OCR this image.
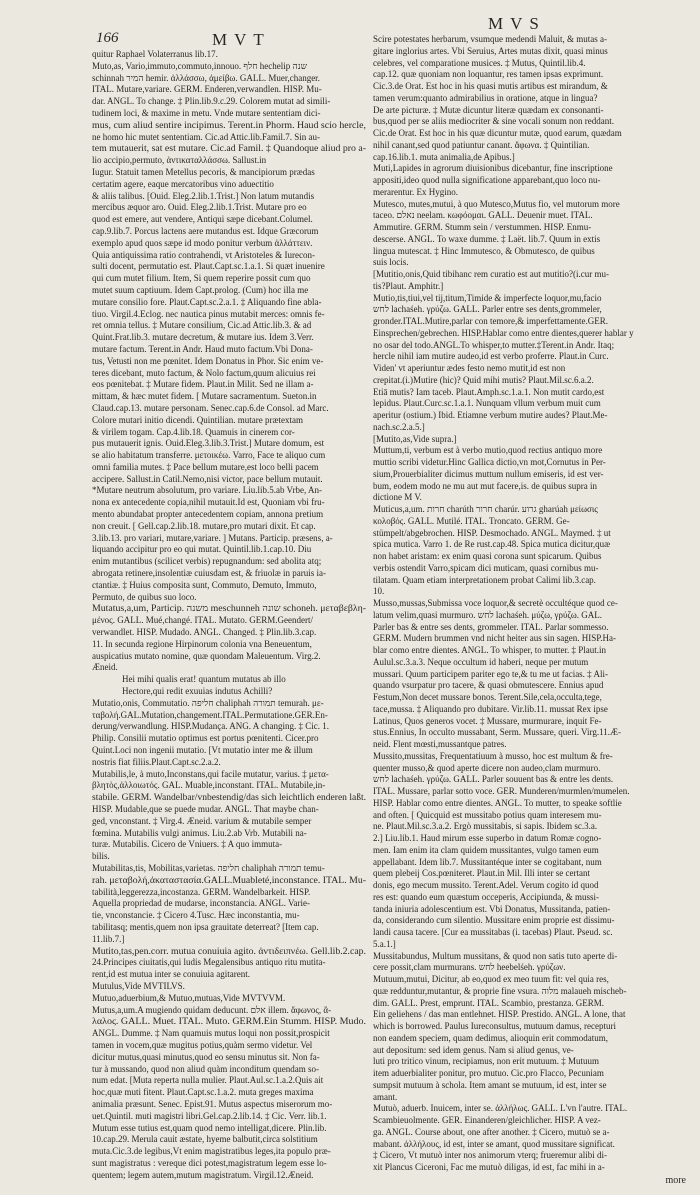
166	MVT
MVS
quitur Raphael Volaterranus lib.17.
Muto,as, Vario,immuto,commuto,innouo. חלף hechelip שנה
schinnah המיר hemir. ἀλλάσσω, ἀμείβω. GALL. Muer,changer.
ITAL. Mutare,variare. GERM. Enderen,verwandlen. HISP. Mu-
dar. ANGL. To change. ‡ Plin.lib.9.c.29. Colorem mutat ad simili-
tudinem loci, & maxime in metu. Vnde mutare sententiam dici-
mus, cum aliud sentire incipimus. Terent.in Phorm. Haud scio hercle,
ne homo hic mutet sententiam. Cic.ad Attic.lib.Famil.7. Sin au-
tem mutauerit, sat est mutare. Cic.ad Famil. ‡ Quandoque aliud pro a-
lio accipio,permuto, ἀντικαταλλάσσω. Sallust.in
Iugur. Statuit tamen Metellus pecoris, & mancipiorum prædas
certatim agere, eaque mercatoribus vino aduectitio
& aliis talibus. [Ouid. Eleg.2.lib.1.Trist.] Non latum mutandis
mercibus æquor aro. Ouid. Eleg.2.lib.1.Trist. Mutare pro eo
quod est emere, aut vendere, Antiqui sæpe dicebant.Columel.
cap.9.lib.7. Porcus lactens aere mutandus est. Idque Græcorum
exemplo apud quos sæpe id modo ponitur verbum ἀλλάττειν.
Quia antiquissima ratio contrahendi, vt Aristoteles & Iurecon-
sulti docent, permutatio est. Plaut.Capt.sc.1.a.1. Si quæt inuenire
qui cum mutet filium. Item, Si quem reperire possit cum quo
mutet suum captiuum. Idem Capt.prolog. (Cum) hoc illa me
mutare consilio fore. Plaut.Capt.sc.2.a.1. ‡ Aliquando fine abla-
tiuo. Virgil.4.Eclog. nec nautica pinus mutabit merces: omnis fe-
ret omnia tellus. ‡ Mutare consilium, Cic.ad Attic.lib.3. & ad
Quint.Frat.lib.3. mutare decretum, & mutare ius. Idem 3.Verr.
mutare factum. Terent.in Andr. Haud muto factum.Vbi Dona-
tus, Vetusti non me pœnitet. Idem Donatus in Phor. Sic enim ve-
teres dicebant, muto factum, & Nolo factum,quum alicuius rei
eos pœnitebat. ‡ Mutare fidem. Plaut.in Milit. Sed ne illam a-
mittam, & hæc mutet fidem. [ Mutare sacramentum. Sueton.in
Claud.cap.13. mutare personam. Senec.cap.6.de Consol. ad Marc.
Colore mutari initio dicendi. Quintilian. mutare prætextam
& virilem togam. Cap.4.lib.18. Quamuis in cinerem cor-
pus mutauerit ignis. Ouid.Eleg.3.lib.3.Trist.] Mutare domum, est
se alio habitatum transferre. μετοικέω. Varro, Face te aliquo cum
omni familia mutes. ‡ Pace bellum mutare,est loco belli pacem
accipere. Sallust.in Catil.Nemo,nisi victor, pace bellum mutauit.
*Mutare neutrum absolutum, pro variare. Liu.lib.5.ab Vrbe, An-
nona ex antecedente copia,nihil mutauit.Id est, Quoniam vbi fru-
mento abundabat propter antecedentem copiam, annona pretium
non creuit. [ Gell.cap.2.lib.18. mutare,pro mutari dixit. Et cap.
3.lib.13. pro variari, mutare,variare. ] Mutans. Particip. præsens, a-
liquando accipitur pro eo qui mutat. Quintil.lib.1.cap.10. Diu
enim mutantibus (scilicet verbis) repugnandum: sed abolita atq;
abrogata retinere,insolentiæ cuiusdam est, & friuolæ in paruis ia-
ctantiæ. ‡ Huius composita sunt, Commuto, Demuto, Immuto,
Permuto, de quibus suo loco.
Mutatus,a,um, Particip. משנה meschunneh שונה schoneh. μεταβεβλη-
μένος. GALL. Mué,changé. ITAL. Mutato. GERM.Geendert/
verwandlet. HISP. Mudado. ANGL. Changed. ‡ Plin.lib.3.cap.
11. In secunda regione Hirpinorum colonia vna Beneuentum,
auspicatius mutato nomine, quæ quondam Maleuentum. Virg.2.
Æneid.
Hei mihi qualis erat! quantum mutatus ab illo
Hectore,qui redit exuuias indutus Achilli?
Mutatio,onis, Commutatio. חליפה chaliphah תמורה temurah. με-
ταβολή.GAL.Mutation,changement.ITAL.Permutatione.GER.En-
derung/verwandlung. HISP.Mudança. ANG. A changing. ‡ Cic. 1.
Philip. Consilii mutatio optimus est portus pœnitenti. Cicer.pro
Quint.Loci non ingenii mutatio. [Vt mutatio inter me & illum
nostris fiat filiis.Plaut.Capt.sc.2.a.2.
Mutabilis,le, à muto,Inconstans,qui facile mutatur, varius. ‡ μετα-
βλητὸς,ἀλλοιωτός. GAL. Muable,inconstant. ITAL. Mutabile,in-
stabile. GERM. Wandelbar/vnbestendig/das sich leichtlich enderen laßt.
HISP. Mudable,que se puede mudar. ANGL. That maybe chan-
ged, vnconstant. ‡ Virg.4. Æneid. varium & mutabile semper
fœmina. Mutabilis vulgi animus. Liu.2.ab Vrb. Mutabili na-
turæ. Mutabilis. Cicero de Vniuers. ‡ A quo immuta-
bilis.
Mutabilitas,tis, Mobilitas,varietas. חליפה chaliphah תמורה temu-
rah. μεταβολή,ἀκαταστασία.GALL.Muableté,inconstance. ITAL. Mu-
tabilità,leggerezza,incostanza. GERM. Wandelbarkeit. HISP.
Aquella propriedad de mudarse, inconstancia. ANGL. Varie-
tie, vnconstancie. ‡ Cicero 4.Tusc. Hæc inconstantia, mu-
tabilitasq; mentis,quem non ipsa grauitate deterreat? [Item cap.
11.lib.7.]
Mutito,tas,pen.corr. mutua conuiuia agito. ἀντιδειπνέω. Gell.lib.2.cap.
24.Principes ciuitatis,qui ludis Megalensibus antiquo ritu mutita-
rent,id est mutua inter se conuiuia agitarent.
Mutulus,Vide MVTILVS.
Mutuo,aduerbium,& Mutuo,mutuas,Vide MVTVVM.
Mutus,a,um.A mugiendo quidam deducunt. אלם illem. ἄφωνος, ἄ-
λαλος. GALL. Muet. ITAL. Muto. GERM.Ein Stumm. HISP. Mudo.
ANGL. Dumme. ‡ Nam quamuis mutus loqui non possit,prospicit
tamen in vocem,quæ mugitus potius,quàm sermo videtur. Vel
dicitur mutus,quasi minutus,quod eo sensu minutus sit. Non fa-
tur à mussando, quod non aliud quàm inconditum quendam so-
num edat. [Muta reperta nulla mulier. Plaut.Aul.sc.1.a.2.Quis ait
hoc,quæ muti fitent. Plaut.Capt.sc.1.a.2. muta greges maxima
animalia præsunt. Senec. Epist.91. Mutus aspectus miserorum mo-
uet.Quintil. muti magistri libri.Gel.cap.2.lib.14. ‡ Cic. Verr. lib.1.
Mutum esse tutius est,quam quod nemo intelligat,dicere. Plin.lib.
10.cap.29. Merula cauit æstate, hyeme balbutit,circa solstitium
muta.Cic.3.de legibus,Vt enim magistratibus leges,ita populo præ-
sunt magistratus : vereque dici potest,magistratum legem esse lo-
quentem; legem autem,mutum magistratum. Virgil.12.Æneid.
Scire potestates herbarum, vsumque medendi Maluit, & mutas a-
gitare inglorius artes. Vbi Seruius, Artes mutas dixit, quasi minus
celebres, vel comparatione musices. ‡ Mutus, Quintil.lib.4.
cap.12. quæ quoniam non loquantur, res tamen ipsas exprimunt.
Cic.3.de Orat. Est hoc in his quasi mutis artibus est mirandum, &
tamen verum:quanto admirabilius in oratione, atque in lingua?
De arte picturæ. ‡ Mutæ dicuntur literæ quædam ex consonanti-
bus,quod per se aliis mediocriter & sine vocali sonum non reddant.
Cic.de Orat. Est hoc in his quæ dicuntur mutæ, quod earum, quædam
nihil canant,sed quod patiuntur canant. ἄφωνα. ‡ Quintilian.
cap.16.lib.1. muta animalia,de Apibus.]
Muti,Lapides in agrorum diuisionibus dicebantur, fine inscriptione
appositi,ideo quod nulla significatione apparebant,quo loco nu-
merarentur. Ex Hygino.
Mutesco, mutes,mutui, à quo Mutesco,Mutus fio, vel mutorum more
taceo. נאלם neelam. κωφόομαι. GALL. Deuenir muet. ITAL.
Ammutire. GERM. Stumm sein / verstummen. HISP. Enmu-
descerse. ANGL. To waxe dumme. ‡ Laët. lib.7. Quum in extis
lingua mutescat. ‡ Hinc Immutesco, & Obmutesco, de quibus
suis locis.
[Mutitio,onis,Quid tibihanc rem curatio est aut mutitio?(i.cur mu-
tis?Plaut. Amphitr.]
Mutio,tis,tiui,vel tij,titum,Timide & imperfecte loquor,mu,facio
לחש lachaśeh. γρύζω. GALL. Parler entre ses dents,grommeler,
gronder.ITAL.Mutire,parlar con temore,& imperfettamente.GER.
Einsprechen/gebrechen. HISP.Hablar como entre dientes,querer hablar y
no osar del todo.ANGL.To whisper,to mutter.‡Terent.in Andr. Itaq;
hercle nihil iam mutire audeo,id est verbo proferre. Plaut.in Curc.
Viden' vt aperiuntur ædes festo nemo mutit,id est non
crepitat.(i.)Mutire (hic)? Quid mihi mutis? Plaut.Mil.sc.6.a.2.
Etiā mutis? Iam taceb. Plaut.Amph.sc.1.a.1. Non mutit cardo,est
lepidus. Plaut.Curc.sc.1.a.1. Nunquam vllum verbum muit cum
aperitur (ostium.) Ibid. Etiamne verbum mutire audes? Plaut.Me-
nach.sc.2.a.5.]
[Mutito,as,Vide supra.]
Muttum,ti, verbum est à verbo mutio,quod rectius antiquo more
muttio scribi videtur.Hinc Gallica dictio,vn mot,Cornutus in Per-
sium,Prouerbialiter dicimus muttum nullum emiseris, id est ver-
bum, eodem modo ne mu aut mut facere,is. de quibus supra in
dictione M V.
Muticus,a,um. חרות charúth חרור charúr. גרוע gharúah μείωσις
κολοβός. GALL. Mutilé. ITAL. Troncato. GERM. Ge-
stümpelt/abgebrochen. HISP. Desmochado. ANGL. Maymed. ‡ ut
spica mutica. Varro 1. de Re rust.cap.48. Spica mutica dicitur,quæ
non habet aristam: ex enim quasi corona sunt spicarum. Quibus
verbis ostendit Varro,spicam dici muticam, quasi cornibus mu-
tilatam. Quam etiam interpretationem probat Calimi lib.3.cap.
10.
Musso,mussas,Submissa voce loquor,& secretè occultéque quod ce-
latum velim,quasi murmuro. לחש lachaśeh. μύζω, γρύζω. GAL.
Parler bas & entre ses dents, grommeler. ITAL. Parlar sommesso.
GERM. Mudern brummen vnd nicht heiter aus sin sagen. HISP.Ha-
blar como entre dientes. ANGL. To whisper, to mutter. ‡ Plaut.in
Aulul.sc.3.a.3. Neque occultum id haberi, neque per mutum
mussari. Quum participem pariter ego te,& tu me ut facias. ‡ Ali-
quando vsurpatur pro tacere, & quasi obmutescere. Ennius apud
Festum,Non decet mussare bonos. Terent.Sile,cela,occulta,tege,
tace,mussa. ‡ Aliquando pro dubitare. Vir.lib.11. mussat Rex ipse
Latinus, Quos generos vocet. ‡ Mussare, murmurare, inquit Fe-
stus.Ennius, In occulto mussabant, Serm. Mussare, queri. Virg.11.Æ-
neid. Flent mœsti,mussantque patres.
Mussito,mussitas, Frequentatiuum à musso, hoc est multum & fre-
quenter musso,& quod aperte dicere non audeo,clam murmuro.
לחש lachaśeh. γρύζω. GALL. Parler souuent bas & entre les dents.
ITAL. Mussare, parlar sotto voce. GER. Munderen/murmlen/mumelen.
HISP. Hablar como entre dientes. ANGL. To mutter, to speake softlie
and often. [ Quicquid est mussitabo potius quam interesem mu-
ne. Plaut.Mil.sc.3.a.2. Ergò mussitabis, si sapis. Ibidem sc.3.a.
2.] Liu.lib.1. Haud mirum esse superbo in datum Romæ cogno-
men. Iam enim ita clam quidem mussitantes, vulgo tamen eum
appellabant. Idem lib.7. Mussitantéque inter se cogitabant, num
quem plebeij Cos.pœniteret. Plaut.in Mil. Illi inter se certant
donis, ego mecum mussito. Terent.Adel. Verum cogito id quod
res est: quando eum quæstum occeperis, Accipiunda, & mussi-
tanda iniuria adolescentium est. Vbi Donatus, Mussitanda, patien-
da, considerando cum silentio. Mussitare enim proprie est dissimu-
landi causa tacere. [Cur ea mussitabas (i. tacebas) Plaut. Pseud. sc.
5.a.1.]
Mussitabundus, Multum mussitans, & quod non satis tuto aperte di-
cere possit,clam murmurans. לחש heebelśeh. γρύζων.
Mutuum,mutui, Dicitur, ab eo,quod ex meo tuum fit: vel quia res,
quæ redduntur,mutantur, & proprie fine vsura. מלוה malaueh mischeb-
dim. GALL. Prest, emprunt. ITAL. Scambio, prestanza. GERM.
Ein geliehens / das man entlehnet. HISP. Prestido. ANGL. A lone, that
which is borrowed. Paulus Iureconsultus, mutuum damus, recepturi
non eandem speciem, quam dedimus, alioquin erit commodatum,
aut depositum: sed idem genus. Nam si aliud genus, ve-
luti pro tritico vinum, recipiamus, non erit mutuum. ‡ Mutuum
item aduerbialiter ponitur, pro mutuo. Cic.pro Flacco, Pecuniam
sumpsit mutuum à schola. Item amant se mutuum, id est, inter se
amant.
Mutuò, aduerb. Inuicem, inter se. ἀλλήλως. GALL. L'vn l'autre. ITAL.
Scambieuolmente. GER. Einanderen/gleichlicher. HISP. A vez-
ga. ANGL. Course about, one after another. ‡ Cicero, mutuò se a-
mabant. ἀλλήλους, id est, inter se amant, quod mussitare significat.
‡ Cicero, Vt mutuò inter nos animorum vterq; frueremur alibi di-
xit Plancus Ciceroni, Fac me mutuò diligas, id est, fac mihi in a-
more
